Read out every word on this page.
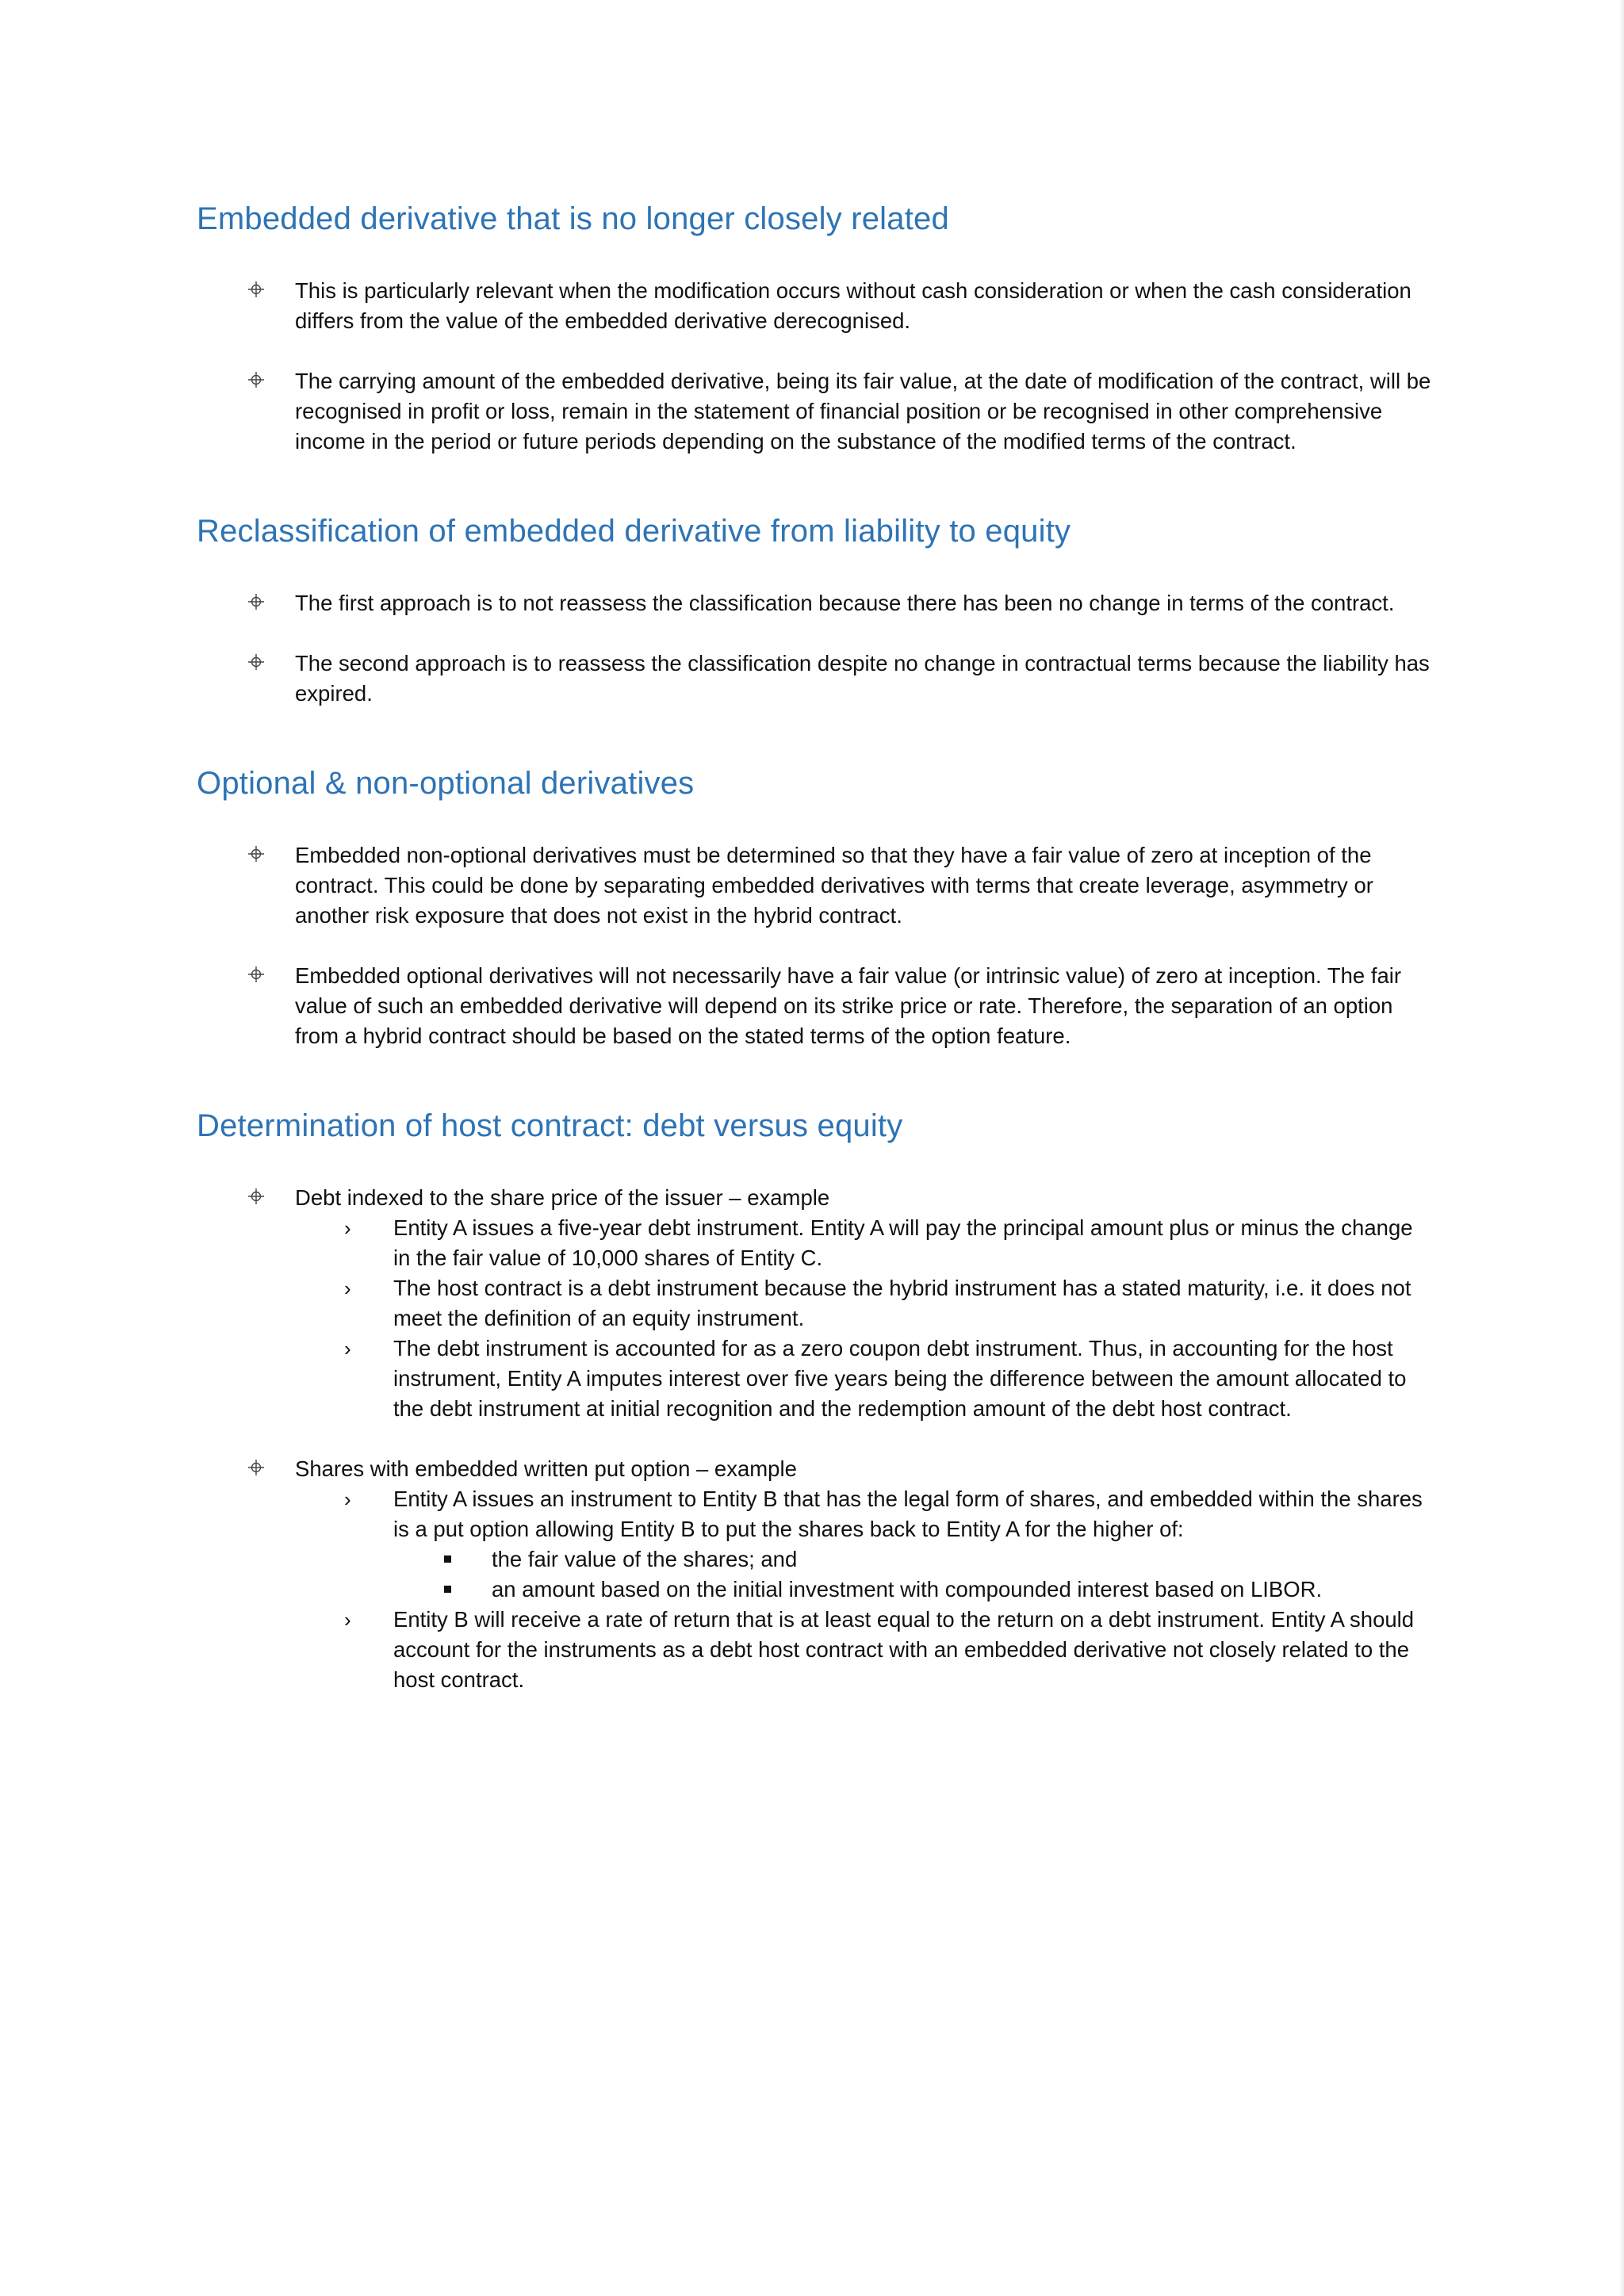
Embedded derivative that is no longer closely related
This is particularly relevant when the modification occurs without cash consideration or when the cash consideration differs from the value of the embedded derivative derecognised.
The carrying amount of the embedded derivative, being its fair value, at the date of modification of the contract, will be recognised in profit or loss, remain in the statement of financial position or be recognised in other comprehensive income in the period or future periods depending on the substance of the modified terms of the contract.
Reclassification of embedded derivative from liability to equity
The first approach is to not reassess the classification because there has been no change in terms of the contract.
The second approach is to reassess the classification despite no change in contractual terms because the liability has expired.
Optional & non-optional derivatives
Embedded non-optional derivatives must be determined so that they have a fair value of zero at inception of the contract. This could be done by separating embedded derivatives with terms that create leverage, asymmetry or another risk exposure that does not exist in the hybrid contract.
Embedded optional derivatives will not necessarily have a fair value (or intrinsic value) of zero at inception. The fair value of such an embedded derivative will depend on its strike price or rate. Therefore, the separation of an option from a hybrid contract should be based on the stated terms of the option feature.
Determination of host contract: debt versus equity
Debt indexed to the share price of the issuer – example
› Entity A issues a five-year debt instrument. Entity A will pay the principal amount plus or minus the change in the fair value of 10,000 shares of Entity C.
› The host contract is a debt instrument because the hybrid instrument has a stated maturity, i.e. it does not meet the definition of an equity instrument.
› The debt instrument is accounted for as a zero coupon debt instrument. Thus, in accounting for the host instrument, Entity A imputes interest over five years being the difference between the amount allocated to the debt instrument at initial recognition and the redemption amount of the debt host contract.
Shares with embedded written put option – example
› Entity A issues an instrument to Entity B that has the legal form of shares, and embedded within the shares is a put option allowing Entity B to put the shares back to Entity A for the higher of:
the fair value of the shares; and
an amount based on the initial investment with compounded interest based on LIBOR.
› Entity B will receive a rate of return that is at least equal to the return on a debt instrument. Entity A should account for the instruments as a debt host contract with an embedded derivative not closely related to the host contract.
